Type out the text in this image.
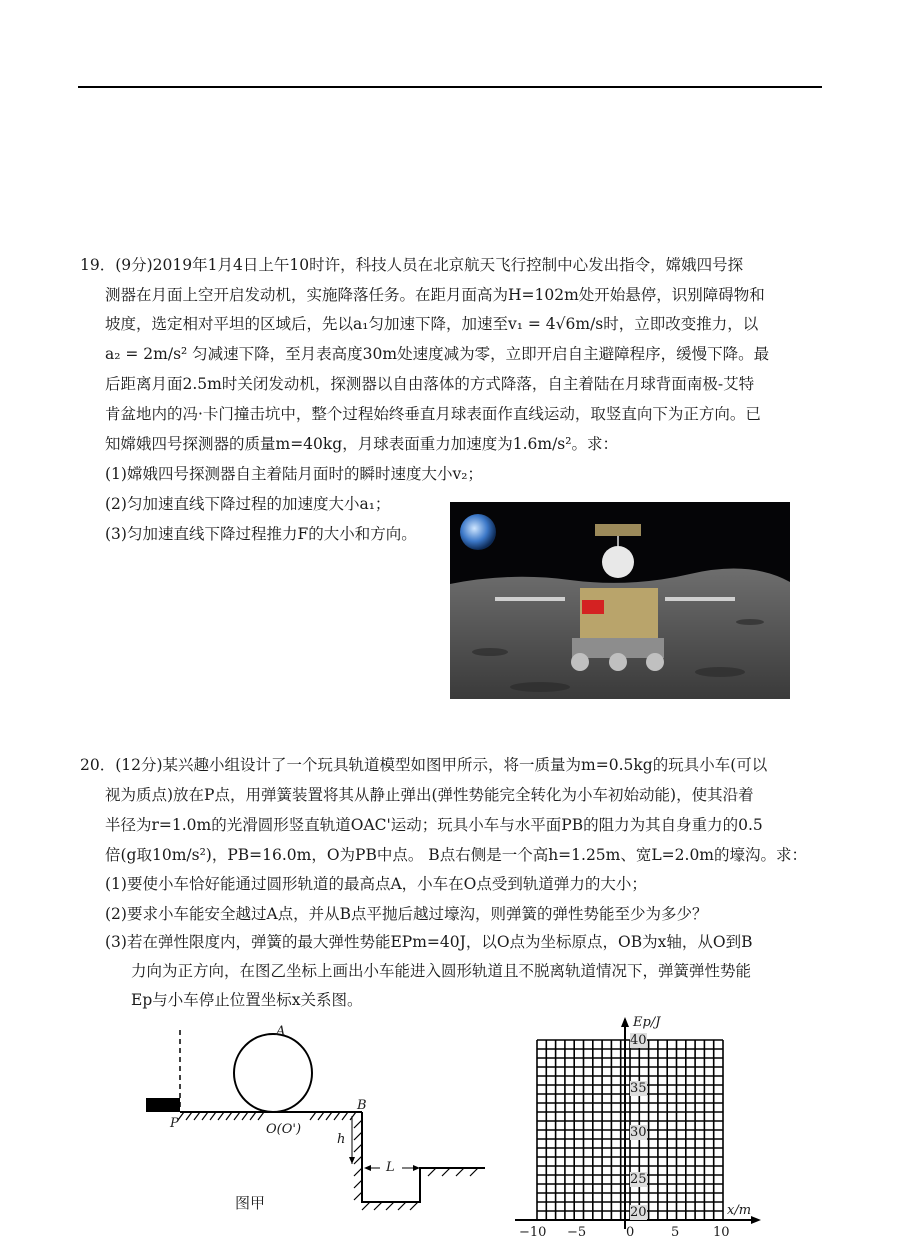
19．(9分)2019年1月4日上午10时许，科技人员在北京航天飞行控制中心发出指令，嫦娥四号探
测器在月面上空开启发动机，实施降落任务。在距月面高为H=102m处开始悬停，识别障碍物和
坡度，选定相对平坦的区域后，先以a₁匀加速下降，加速至v₁ = 4√6m/s时，立即改变推力，以
a₂ = 2m/s² 匀减速下降，至月表高度30m处速度减为零，立即开启自主避障程序，缓慢下降。最
后距离月面2.5m时关闭发动机，探测器以自由落体的方式降落，自主着陆在月球背面南极-艾特
肯盆地内的冯·卡门撞击坑中，整个过程始终垂直月球表面作直线运动，取竖直向下为正方向。已
知嫦娥四号探测器的质量m=40kg，月球表面重力加速度为1.6m/s²。求：
(1)嫦娥四号探测器自主着陆月面时的瞬时速度大小v₂；
(2)匀加速直线下降过程的加速度大小a₁；
(3)匀加速直线下降过程推力F的大小和方向。
20．(12分)某兴趣小组设计了一个玩具轨道模型如图甲所示，将一质量为m=0.5kg的玩具小车(可以
视为质点)放在P点，用弹簧装置将其从静止弹出(弹性势能完全转化为小车初始动能)，使其沿着
半径为r=1.0m的光滑圆形竖直轨道OAC'运动；玩具小车与水平面PB的阻力为其自身重力的0.5
倍(g取10m/s²)，PB=16.0m，O为PB中点。 B点右侧是一个高h=1.25m、宽L=2.0m的壕沟。求：
(1)要使小车恰好能通过圆形轨道的最高点A，小车在O点受到轨道弹力的大小；
(2)要求小车能安全越过A点，并从B点平抛后越过壕沟，则弹簧的弹性势能至少为多少？
(3)若在弹性限度内，弹簧的最大弹性势能EPm=40J，以O点为坐标原点，OB为x轴，从O到B
力向为正方向，在图乙坐标上画出小车能进入圆形轨道且不脱离轨道情况下，弹簧弹性势能
Ep与小车停止位置坐标x关系图。
A
B
P	O(O')
h
L
图甲
Ep/J
x/m
40
35
30
25
20
−10 −5	0	5	10
